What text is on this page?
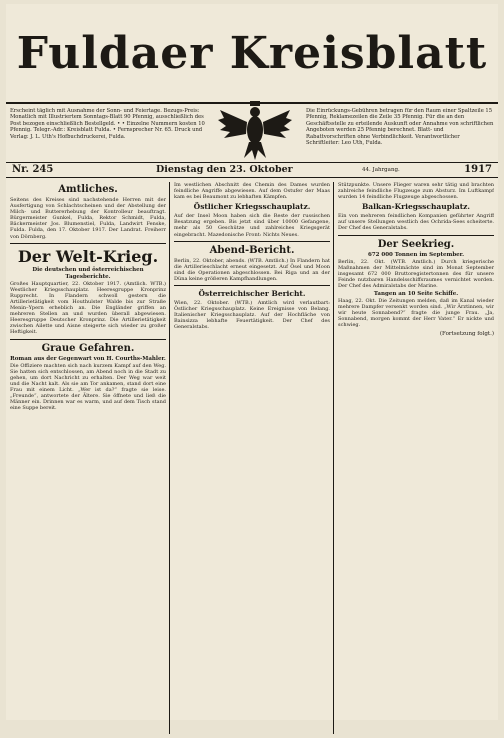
Fuldaer Kreisblatt
Erscheint täglich mit Ausnahme der Sonn- und Feiertage. Bezugs-Preis: Monatlich mit Illustriertem Sonntags-Blatt 90 Pfennig, ausschließlich des Post bezogen einschließlich Bestellgeld. • • Einzelne Nummern kosten 10 Pfennig. Telegr.-Adr.: Kreisblatt Fulda. • Fernsprecher Nr. 65. Druck und Verlag: J. L. Uth's Hofbuchdruckerei, Fulda.
Die Einrückungs-Gebühren betragen für den Raum einer Spaltzeile 15 Pfennig, Reklamezeilen die Zeile 35 Pfennig. Für die an den Geschäftsstelle zu erteilende Auskunft oder Annahme von schriftlichen Angeboten werden 25 Pfennig berechnet. Blatt- und Rabattvorschriften ohne Verbindlichkeit. Verantwortlicher Schriftleiter: Leo Uth, Fulda.
Nr. 245	Dienstag den 23. Oktober	44. Jahrgang.	1917
Amtliches.

Seitens des Kreises sind nachstehende Herren mit der Ausfertigung von Schlachtscheinen und der Abstellung der Milch- und Buttererhebung der Kontrolleur beauftragt. Bürgermeister Gunkel, Fulda, Rektor Schmidt, Fulda, Bäckermeister Jos. Blumenstiel, Fulda, Landwirt Fenske, Fulda. Fulda, den 17. Oktober 1917. Der Landrat. Freiherr von Dörnberg.

Der Welt-Krieg.
Die deutschen und österreichischen Tagesberichte.

Großes Hauptquartier, 22. Oktober 1917. (Amtlich. WTB.) Westlicher Kriegsschauplatz. Heeresgruppe Kronprinz Rupprecht. In Flandern schwoll gestern die Artillerietätigkeit vom Houthulster Walde bis zur Straße Menin–Ypern erheblich an. Die Engländer griffen an mehreren Stellen an und wurden überall abgewiesen. Heeresgruppe Deutscher Kronprinz. Die Artillerietätigkeit zwischen Ailette und Aisne steigerte sich wieder zu großer Heftigkeit.

Graue Gefahren.
Roman aus der Gegenwart von H. Courths-Mahler.

Die Offiziere machten sich nach kurzem Kampf auf den Weg. Sie hatten sich entschlossen, am Abend noch in die Stadt zu gehen, um dort Nachricht zu erhalten. Der Weg war weit und die Nacht kalt. Als sie am Tor ankamen, stand dort eine Frau mit einem Licht. „Wer ist da?“ fragte sie leise. „Freunde“, antwortete der Ältere. Sie öffnete und ließ die Männer ein. Drinnen war es warm, und auf dem Tisch stand eine Suppe bereit.

Im westlichen Abschnitt des Chemin des Dames wurden feindliche Angriffe abgewiesen. Auf dem Ostufer der Maas kam es bei Beaumont zu lebhaften Kämpfen.

Östlicher Kriegsschauplatz.

Auf der Insel Moon haben sich die Reste der russischen Besatzung ergeben. Bis jetzt sind über 10000 Gefangene, mehr als 50 Geschütze und zahlreiches Kriegsgerät eingebracht. Mazedonische Front: Nichts Neues.

Abend-Bericht.

Berlin, 22. Oktober, abends. (WTB. Amtlich.) In Flandern hat die Artillerieschlacht erneut eingesetzt. Auf Ösel und Moon sind die Operationen abgeschlossen. Bei Riga und an der Düna keine größeren Kampfhandlungen.

Österreichischer Bericht.

Wien, 22. Oktober. (WTB.) Amtlich wird verlautbart: Östlicher Kriegsschauplatz. Keine Ereignisse von Belang. Italienischer Kriegsschauplatz. Auf der Hochfläche von Bainsizza lebhafte Feuertätigkeit. Der Chef des Generalstabs.

Stützpunkte. Unsere Flieger waren sehr tätig und brachten zahlreiche feindliche Flugzeuge zum Absturz. Im Luftkampf wurden 14 feindliche Flugzeuge abgeschossen.

Balkan-Kriegsschauplatz.

Ein von mehreren feindlichen Kompanien geführter Angriff auf unsere Stellungen westlich des Ochrida-Sees scheiterte. Der Chef des Generalstabs.

Der Seekrieg.
672 000 Tonnen im September.

Berlin, 22. Okt. (WTB. Amtlich.) Durch kriegerische Maßnahmen der Mittelmächte sind im Monat September insgesamt 672 000 Bruttoregistertonnen des für unsere Feinde nutzbaren Handelsschiffsraumes vernichtet worden. Der Chef des Admiralstabs der Marine.

Tangen an 10 Seite Schiffe.

Haag, 22. Okt. Die Zeitungen melden, daß im Kanal wieder mehrere Dampfer versenkt worden sind. „Wir Ärztinnen, wir wir heute Sonnabend?“ fragte die junge Frau. „Ja, Sonnabend, morgen kommt der Herr Vater.“ Er nickte und schwieg.

(Fortsetzung folgt.)
